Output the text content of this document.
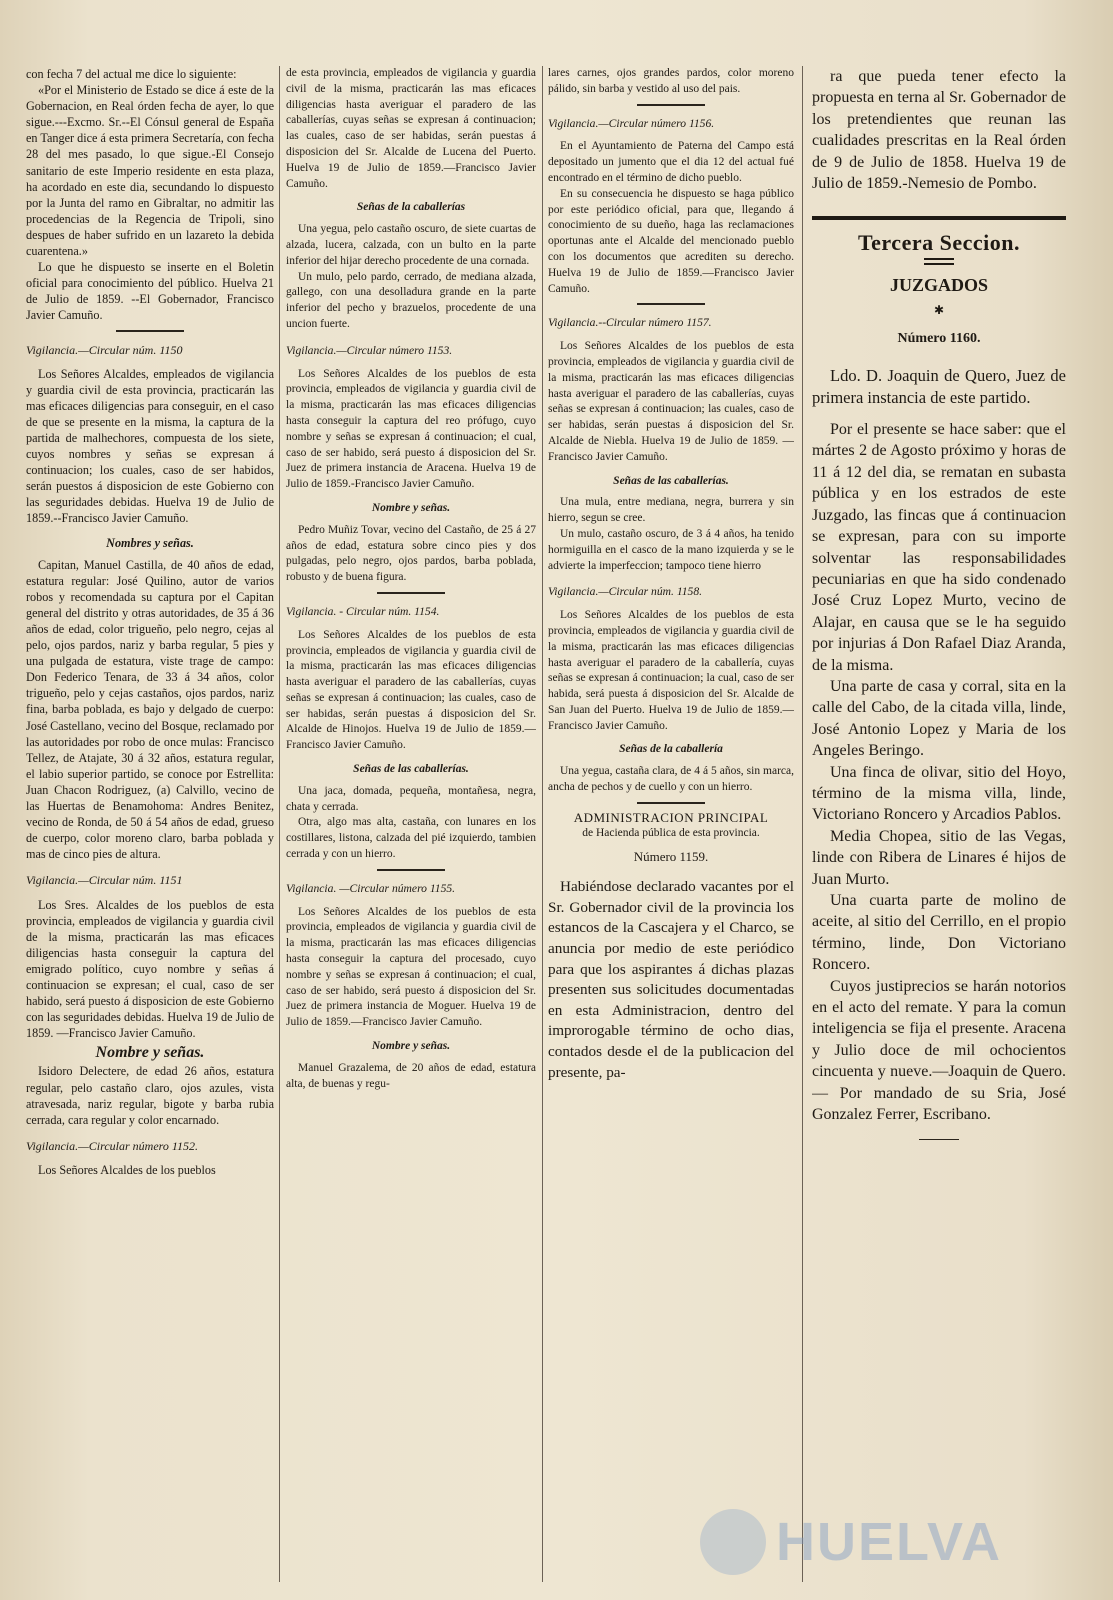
con fecha 7 del actual me dice lo siguiente:

«Por el Ministerio de Estado se dice á este de la Gobernacion, en Real órden fecha de ayer, lo que sigue.---Excmo. Sr.--El Cónsul general de España en Tanger dice á esta primera Secretaría, con fecha 28 del mes pasado, lo que sigue.-El Consejo sanitario de este Imperio residente en esta plaza, ha acordado en este dia, secundando lo dispuesto por la Junta del ramo en Gibraltar, no admitir las procedencias de la Regencia de Tripoli, sino despues de haber sufrido en un lazareto la debida cuarentena.»

Lo que he dispuesto se inserte en el Boletin oficial para conocimiento del público. Huelva 21 de Julio de 1859. --El Gobernador, Francisco Javier Camuño.

Vigilancia.—Circular núm. 1150

Los Señores Alcaldes, empleados de vigilancia y guardia civil de esta provincia, practicarán las mas eficaces diligencias para conseguir, en el caso de que se presente en la misma, la captura de la partida de malhechores, compuesta de los siete, cuyos nombres y señas se expresan á continuacion; los cuales, caso de ser habidos, serán puestos á disposicion de este Gobierno con las seguridades debidas. Huelva 19 de Julio de 1859.--Francisco Javier Camuño.

Nombres y señas.

Capitan, Manuel Castilla, de 40 años de edad, estatura regular: José Quilino, autor de varios robos y recomendada su captura por el Capitan general del distrito y otras autoridades, de 35 á 36 años de edad, color trigueño, pelo negro, cejas al pelo, ojos pardos, nariz y barba regular, 5 pies y una pulgada de estatura, viste trage de campo: Don Federico Tenara, de 33 á 34 años, color trigueño, pelo y cejas castaños, ojos pardos, nariz fina, barba poblada, es bajo y delgado de cuerpo: José Castellano, vecino del Bosque, reclamado por las autoridades por robo de once mulas: Francisco Tellez, de Atajate, 30 á 32 años, estatura regular, el labio superior partido, se conoce por Estrellita: Juan Chacon Rodriguez, (a) Calvillo, vecino de las Huertas de Benamohoma: Andres Benitez, vecino de Ronda, de 50 á 54 años de edad, grueso de cuerpo, color moreno claro, barba poblada y mas de cinco pies de altura.

Vigilancia.—Circular núm. 1151

Los Sres. Alcaldes de los pueblos de esta provincia, empleados de vigilancia y guardia civil de la misma, practicarán las mas eficaces diligencias hasta conseguir la captura del emigrado político, cuyo nombre y señas á continuacion se expresan; el cual, caso de ser habido, será puesto á disposicion de este Gobierno con las seguridades debidas. Huelva 19 de Julio de 1859. —Francisco Javier Camuño.

Nombre y señas.

Isidoro Delectere, de edad 26 años, estatura regular, pelo castaño claro, ojos azules, vista atravesada, nariz regular, bigote y barba rubia cerrada, cara regular y color encarnado.

Vigilancia.—Circular número 1152.

Los Señores Alcaldes de los pueblos

de esta provincia, empleados de vigilancia y guardia civil de la misma, practicarán las mas eficaces diligencias hasta averiguar el paradero de las caballerías, cuyas señas se expresan á continuacion; las cuales, caso de ser habidas, serán puestas á disposicion del Sr. Alcalde de Lucena del Puerto. Huelva 19 de Julio de 1859.—Francisco Javier Camuño.

Señas de la caballerías

Una yegua, pelo castaño oscuro, de siete cuartas de alzada, lucera, calzada, con un bulto en la parte inferior del hijar derecho procedente de una cornada.

Un mulo, pelo pardo, cerrado, de mediana alzada, gallego, con una desolladura grande en la parte inferior del pecho y brazuelos, procedente de una uncion fuerte.

Vigilancia.—Circular número 1153.

Los Señores Alcaldes de los pueblos de esta provincia, empleados de vigilancia y guardia civil de la misma, practicarán las mas eficaces diligencias hasta conseguir la captura del reo prófugo, cuyo nombre y señas se expresan á continuacion; el cual, caso de ser habido, será puesto á disposicion del Sr. Juez de primera instancia de Aracena. Huelva 19 de Julio de 1859.-Francisco Javier Camuño.

Nombre y señas.

Pedro Muñiz Tovar, vecino del Castaño, de 25 á 27 años de edad, estatura sobre cinco pies y dos pulgadas, pelo negro, ojos pardos, barba poblada, robusto y de buena figura.

Vigilancia. - Circular núm. 1154.

Los Señores Alcaldes de los pueblos de esta provincia, empleados de vigilancia y guardia civil de la misma, practicarán las mas eficaces diligencias hasta averiguar el paradero de las caballerías, cuyas señas se expresan á continuacion; las cuales, caso de ser habidas, serán puestas á disposicion del Sr. Alcalde de Hinojos. Huelva 19 de Julio de 1859.—Francisco Javier Camuño.

Señas de las caballerías.

Una jaca, domada, pequeña, montañesa, negra, chata y cerrada.

Otra, algo mas alta, castaña, con lunares en los costillares, listona, calzada del pié izquierdo, tambien cerrada y con un hierro.

Vigilancia. —Circular número 1155.

Los Señores Alcaldes de los pueblos de esta provincia, empleados de vigilancia y guardia civil de la misma, practicarán las mas eficaces diligencias hasta conseguir la captura del procesado, cuyo nombre y señas se expresan á continuacion; el cual, caso de ser habido, será puesto á disposicion del Sr. Juez de primera instancia de Moguer. Huelva 19 de Julio de 1859.—Francisco Javier Camuño.

Nombre y señas.

Manuel Grazalema, de 20 años de edad, estatura alta, de buenas y regu-

lares carnes, ojos grandes pardos, color moreno pálido, sin barba y vestido al uso del pais.

Vigilancia.—Circular número 1156.

En el Ayuntamiento de Paterna del Campo está depositado un jumento que el dia 12 del actual fué encontrado en el término de dicho pueblo.

En su consecuencia he dispuesto se haga público por este periódico oficial, para que, llegando á conocimiento de su dueño, haga las reclamaciones oportunas ante el Alcalde del mencionado pueblo con los documentos que acrediten su derecho. Huelva 19 de Julio de 1859.—Francisco Javier Camuño.

Vigilancia.--Circular número 1157.

Los Señores Alcaldes de los pueblos de esta provincia, empleados de vigilancia y guardia civil de la misma, practicarán las mas eficaces diligencias hasta averiguar el paradero de las caballerías, cuyas señas se expresan á continuacion; las cuales, caso de ser habidas, serán puestas á disposicion del Sr. Alcalde de Niebla. Huelva 19 de Julio de 1859. —Francisco Javier Camuño.

Señas de las caballerías.

Una mula, entre mediana, negra, burrera y sin hierro, segun se cree.

Un mulo, castaño oscuro, de 3 á 4 años, ha tenido hormiguilla en el casco de la mano izquierda y se le advierte la imperfeccion; tampoco tiene hierro

Vigilancia.—Circular núm. 1158.

Los Señores Alcaldes de los pueblos de esta provincia, empleados de vigilancia y guardia civil de la misma, practicarán las mas eficaces diligencias hasta averiguar el paradero de la caballería, cuyas señas se expresan á continuacion; la cual, caso de ser habida, será puesta á disposicion del Sr. Alcalde de San Juan del Puerto. Huelva 19 de Julio de 1859.—Francisco Javier Camuño.

Señas de la caballería

Una yegua, castaña clara, de 4 á 5 años, sin marca, ancha de pechos y de cuello y con un hierro.

ADMINISTRACION PRINCIPAL
de Hacienda pública de esta provincia.
Número 1159.

Habiéndose declarado vacantes por el Sr. Gobernador civil de la provincia los estancos de la Cascajera y el Charco, se anuncia por medio de este periódico para que los aspirantes á dichas plazas presenten sus solicitudes documentadas en esta Administracion, dentro del improrogable término de ocho dias, contados desde el de la publicacion del presente, pa-

ra que pueda tener efecto la propuesta en terna al Sr. Gobernador de los pretendientes que reunan las cualidades prescritas en la Real órden de 9 de Julio de 1858. Huelva 19 de Julio de 1859.-Nemesio de Pombo.

Tercera Seccion.
JUZGADOS
✱
Número 1160.

Ldo. D. Joaquin de Quero, Juez de primera instancia de este partido.

Por el presente se hace saber: que el mártes 2 de Agosto próximo y horas de 11 á 12 del dia, se rematan en subasta pública y en los estrados de este Juzgado, las fincas que á continuacion se expresan, para con su importe solventar las responsabilidades pecuniarias en que ha sido condenado José Cruz Lopez Murto, vecino de Alajar, en causa que se le ha seguido por injurias á Don Rafael Diaz Aranda, de la misma.

Una parte de casa y corral, sita en la calle del Cabo, de la citada villa, linde, José Antonio Lopez y Maria de los Angeles Beringo.

Una finca de olivar, sitio del Hoyo, término de la misma villa, linde, Victoriano Roncero y Arcadios Pablos.

Media Chopea, sitio de las Vegas, linde con Ribera de Linares é hijos de Juan Murto.

Una cuarta parte de molino de aceite, al sitio del Cerrillo, en el propio término, linde, Don Victoriano Roncero.

Cuyos justiprecios se harán notorios en el acto del remate. Y para la comun inteligencia se fija el presente. Aracena y Julio doce de mil ochocientos cincuenta y nueve.—Joaquin de Quero.— Por mandado de su Sria, José Gonzalez Ferrer, Escribano.

HUELVA
